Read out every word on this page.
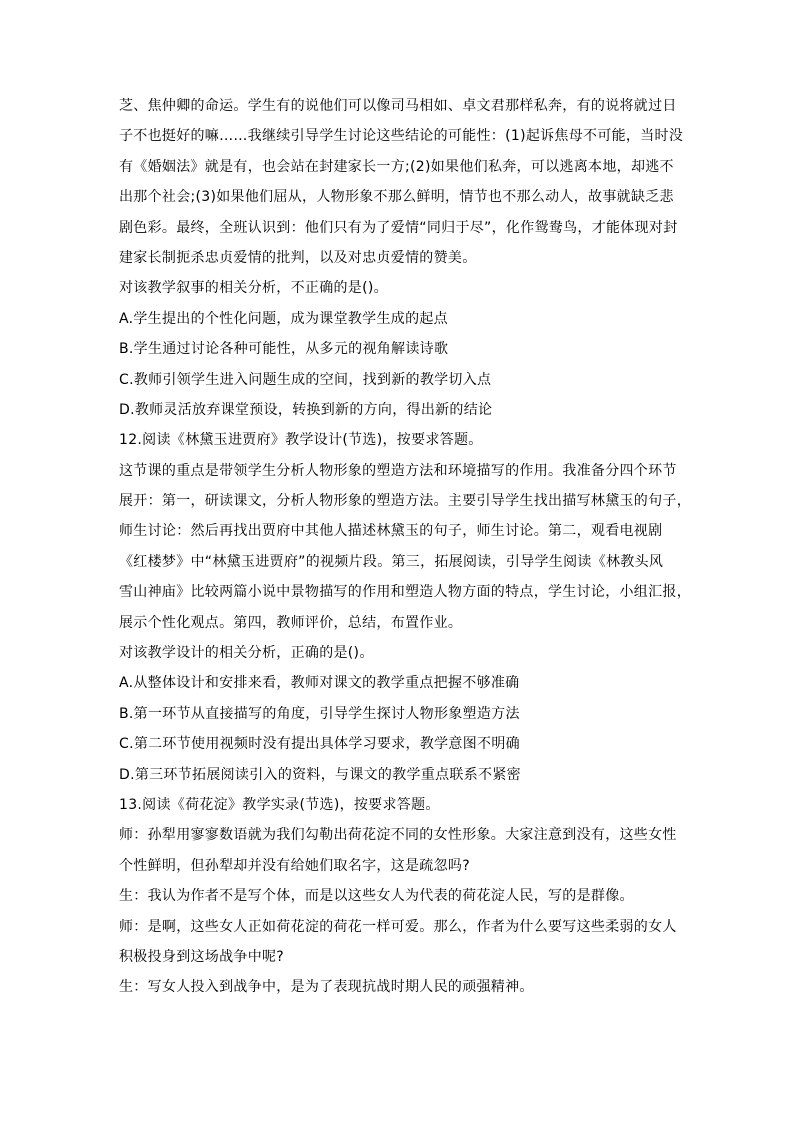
芝、焦仲卿的命运。学生有的说他们可以像司马相如、卓文君那样私奔，有的说将就过日
子不也挺好的嘛……我继续引导学生讨论这些结论的可能性：(1)起诉焦母不可能，当时没
有《婚姻法》就是有，也会站在封建家长一方;(2)如果他们私奔，可以逃离本地，却逃不
出那个社会;(3)如果他们屈从，人物形象不那么鲜明，情节也不那么动人，故事就缺乏悲
剧色彩。最终，全班认识到：他们只有为了爱情“同归于尽”，化作鸳鸯鸟，才能体现对封
建家长制扼杀忠贞爱情的批判，以及对忠贞爱情的赞美。
对该教学叙事的相关分析，不正确的是()。
A.学生提出的个性化问题，成为课堂教学生成的起点
B.学生通过讨论各种可能性，从多元的视角解读诗歌
C.教师引领学生进入问题生成的空间，找到新的教学切入点
D.教师灵活放弃课堂预设，转换到新的方向，得出新的结论
12.阅读《林黛玉进贾府》教学设计(节选)，按要求答题。
这节课的重点是带领学生分析人物形象的塑造方法和环境描写的作用。我准备分四个环节
展开：第一，研读课文，分析人物形象的塑造方法。主要引导学生找出描写林黛玉的句子，
师生讨论：然后再找出贾府中其他人描述林黛玉的句子，师生讨论。第二，观看电视剧
《红楼梦》中“林黛玉进贾府”的视频片段。第三，拓展阅读，引导学生阅读《林教头风
雪山神庙》比较两篇小说中景物描写的作用和塑造人物方面的特点，学生讨论，小组汇报，
展示个性化观点。第四，教师评价，总结，布置作业。
对该教学设计的相关分析，正确的是()。
A.从整体设计和安排来看，教师对课文的教学重点把握不够准确
B.第一环节从直接描写的角度，引导学生探讨人物形象塑造方法
C.第二环节使用视频时没有提出具体学习要求，教学意图不明确
D.第三环节拓展阅读引入的资料，与课文的教学重点联系不紧密
13.阅读《荷花淀》教学实录(节选)，按要求答题。
师：孙犁用寥寥数语就为我们勾勒出荷花淀不同的女性形象。大家注意到没有，这些女性
个性鲜明，但孙犁却并没有给她们取名字，这是疏忽吗?
生：我认为作者不是写个体，而是以这些女人为代表的荷花淀人民，写的是群像。
师：是啊，这些女人正如荷花淀的荷花一样可爱。那么，作者为什么要写这些柔弱的女人
积极投身到这场战争中呢?
生：写女人投入到战争中，是为了表现抗战时期人民的顽强精神。
